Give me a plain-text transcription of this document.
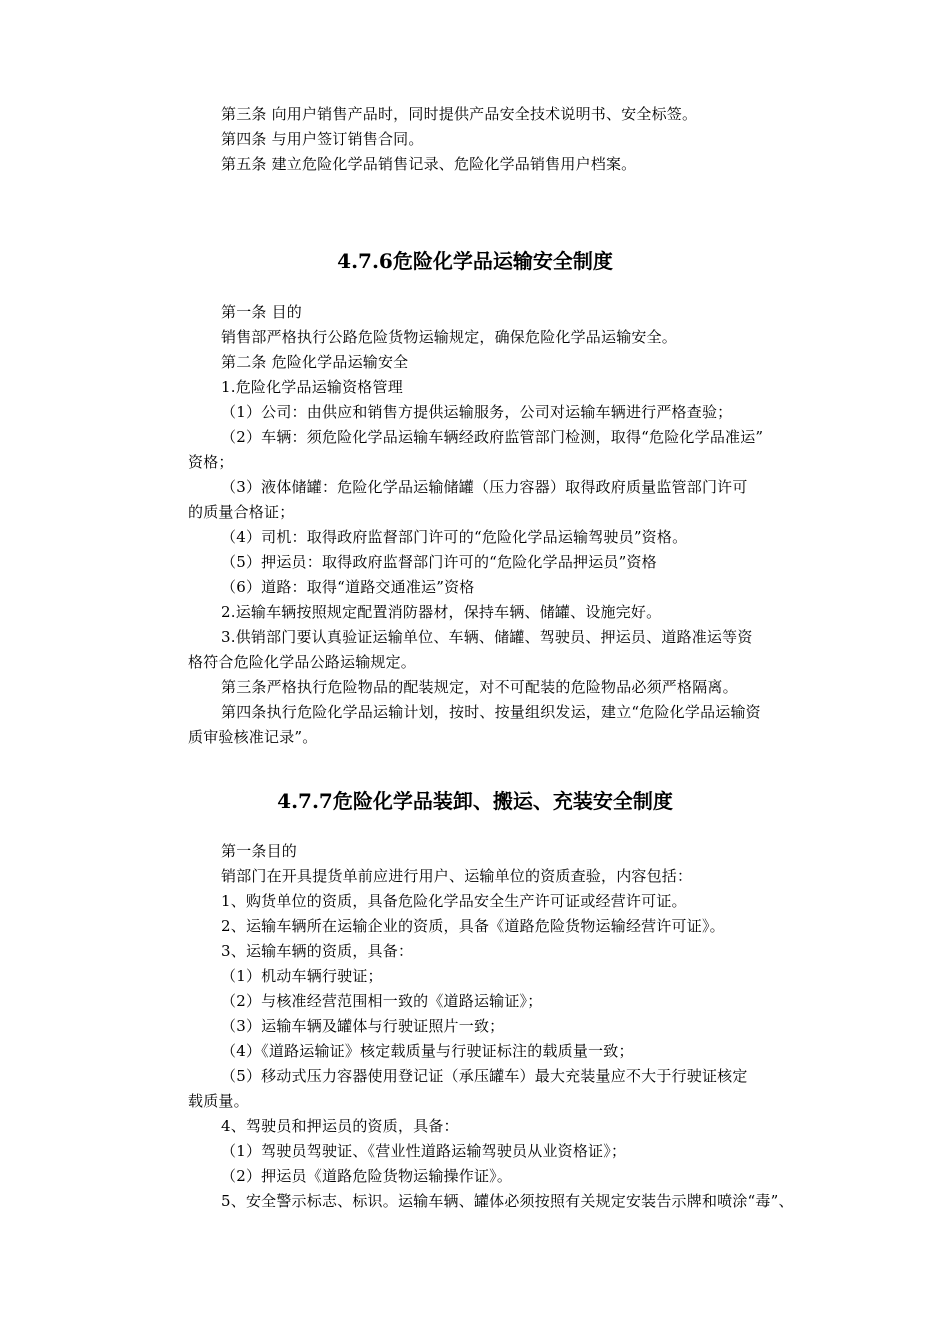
第三条 向用户销售产品时，同时提供产品安全技术说明书、安全标签。
第四条 与用户签订销售合同。
第五条 建立危险化学品销售记录、危险化学品销售用户档案。
4.7.6危险化学品运输安全制度
第一条 目的
销售部严格执行公路危险货物运输规定，确保危险化学品运输安全。
第二条 危险化学品运输安全
1.危险化学品运输资格管理
（1）公司：由供应和销售方提供运输服务，公司对运输车辆进行严格查验；
（2）车辆：须危险化学品运输车辆经政府监管部门检测，取得“危险化学品准运”
资格；
（3）液体储罐：危险化学品运输储罐（压力容器）取得政府质量监管部门许可
的质量合格证；
（4）司机：取得政府监督部门许可的“危险化学品运输驾驶员”资格。
（5）押运员：取得政府监督部门许可的“危险化学品押运员”资格
（6）道路：取得“道路交通准运”资格
2.运输车辆按照规定配置消防器材，保持车辆、储罐、设施完好。
3.供销部门要认真验证运输单位、车辆、储罐、驾驶员、押运员、道路准运等资
格符合危险化学品公路运输规定。
第三条严格执行危险物品的配装规定，对不可配装的危险物品必须严格隔离。
第四条执行危险化学品运输计划，按时、按量组织发运，建立“危险化学品运输资
质审验核准记录”。
4.7.7危险化学品装卸、搬运、充装安全制度
第一条目的
销部门在开具提货单前应进行用户、运输单位的资质查验，内容包括：
1、购货单位的资质，具备危险化学品安全生产许可证或经营许可证。
2、运输车辆所在运输企业的资质，具备《道路危险货物运输经营许可证》。
3、运输车辆的资质，具备：
（1）机动车辆行驶证；
（2）与核准经营范围相一致的《道路运输证》；
（3）运输车辆及罐体与行驶证照片一致；
（4）《道路运输证》核定载质量与行驶证标注的载质量一致；
（5）移动式压力容器使用登记证（承压罐车）最大充装量应不大于行驶证核定
载质量。
4、驾驶员和押运员的资质，具备：
（1）驾驶员驾驶证、《营业性道路运输驾驶员从业资格证》；
（2）押运员《道路危险货物运输操作证》。
5、安全警示标志、标识。运输车辆、罐体必须按照有关规定安装告示牌和喷涂“毒”、
